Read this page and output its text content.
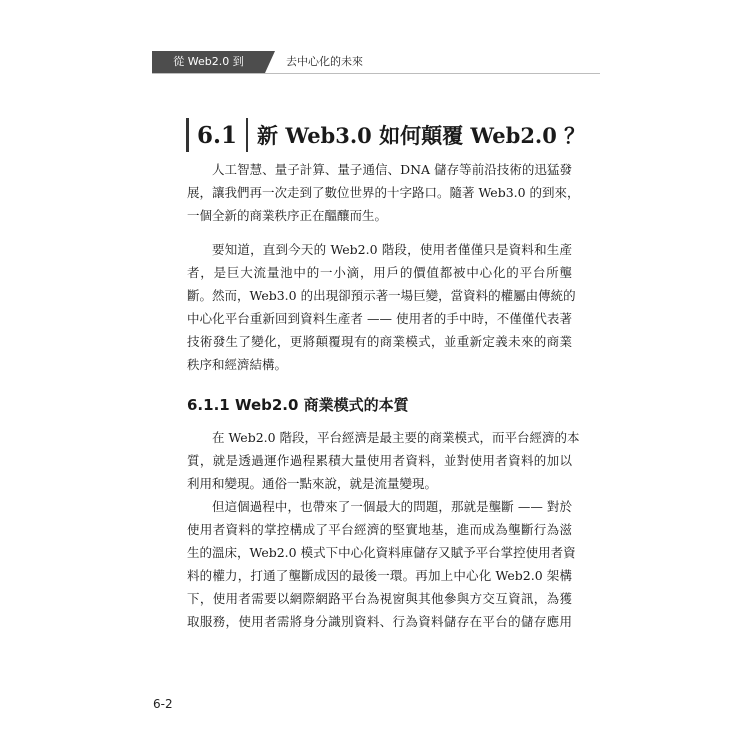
從 Web2.0 到 Web3.0
去中心化的未來
6.1 新 Web3.0 如何顛覆 Web2.0 ？

人工智慧、量子計算、量子通信、DNA 儲存等前沿技術的迅猛發
展，讓我們再一次走到了數位世界的十字路口。隨著 Web3.0 的到來，
一個全新的商業秩序正在醞釀而生。

要知道，直到今天的 Web2.0 階段，使用者僅僅只是資料和生產
者，是巨大流量池中的一小滴，用戶的價值都被中心化的平台所壟
斷。然而，Web3.0 的出現卻預示著一場巨變，當資料的權屬由傳統的
中心化平台重新回到資料生產者 —— 使用者的手中時，不僅僅代表著
技術發生了變化，更將顛覆現有的商業模式，並重新定義未來的商業
秩序和經濟結構。

6.1.1 Web2.0 商業模式的本質

在 Web2.0 階段，平台經濟是最主要的商業模式，而平台經濟的本
質，就是透過運作過程累積大量使用者資料，並對使用者資料的加以
利用和變現。通俗一點來說，就是流量變現。

但這個過程中，也帶來了一個最大的問題，那就是壟斷 —— 對於
使用者資料的掌控構成了平台經濟的堅實地基，進而成為壟斷行為滋
生的溫床，Web2.0 模式下中心化資料庫儲存又賦予平台掌控使用者資
料的權力，打通了壟斷成因的最後一環。再加上中心化 Web2.0 架構
下，使用者需要以網際網路平台為視窗與其他參與方交互資訊，為獲
取服務，使用者需將身分識別資料、行為資料儲存在平台的儲存應用

6-2
